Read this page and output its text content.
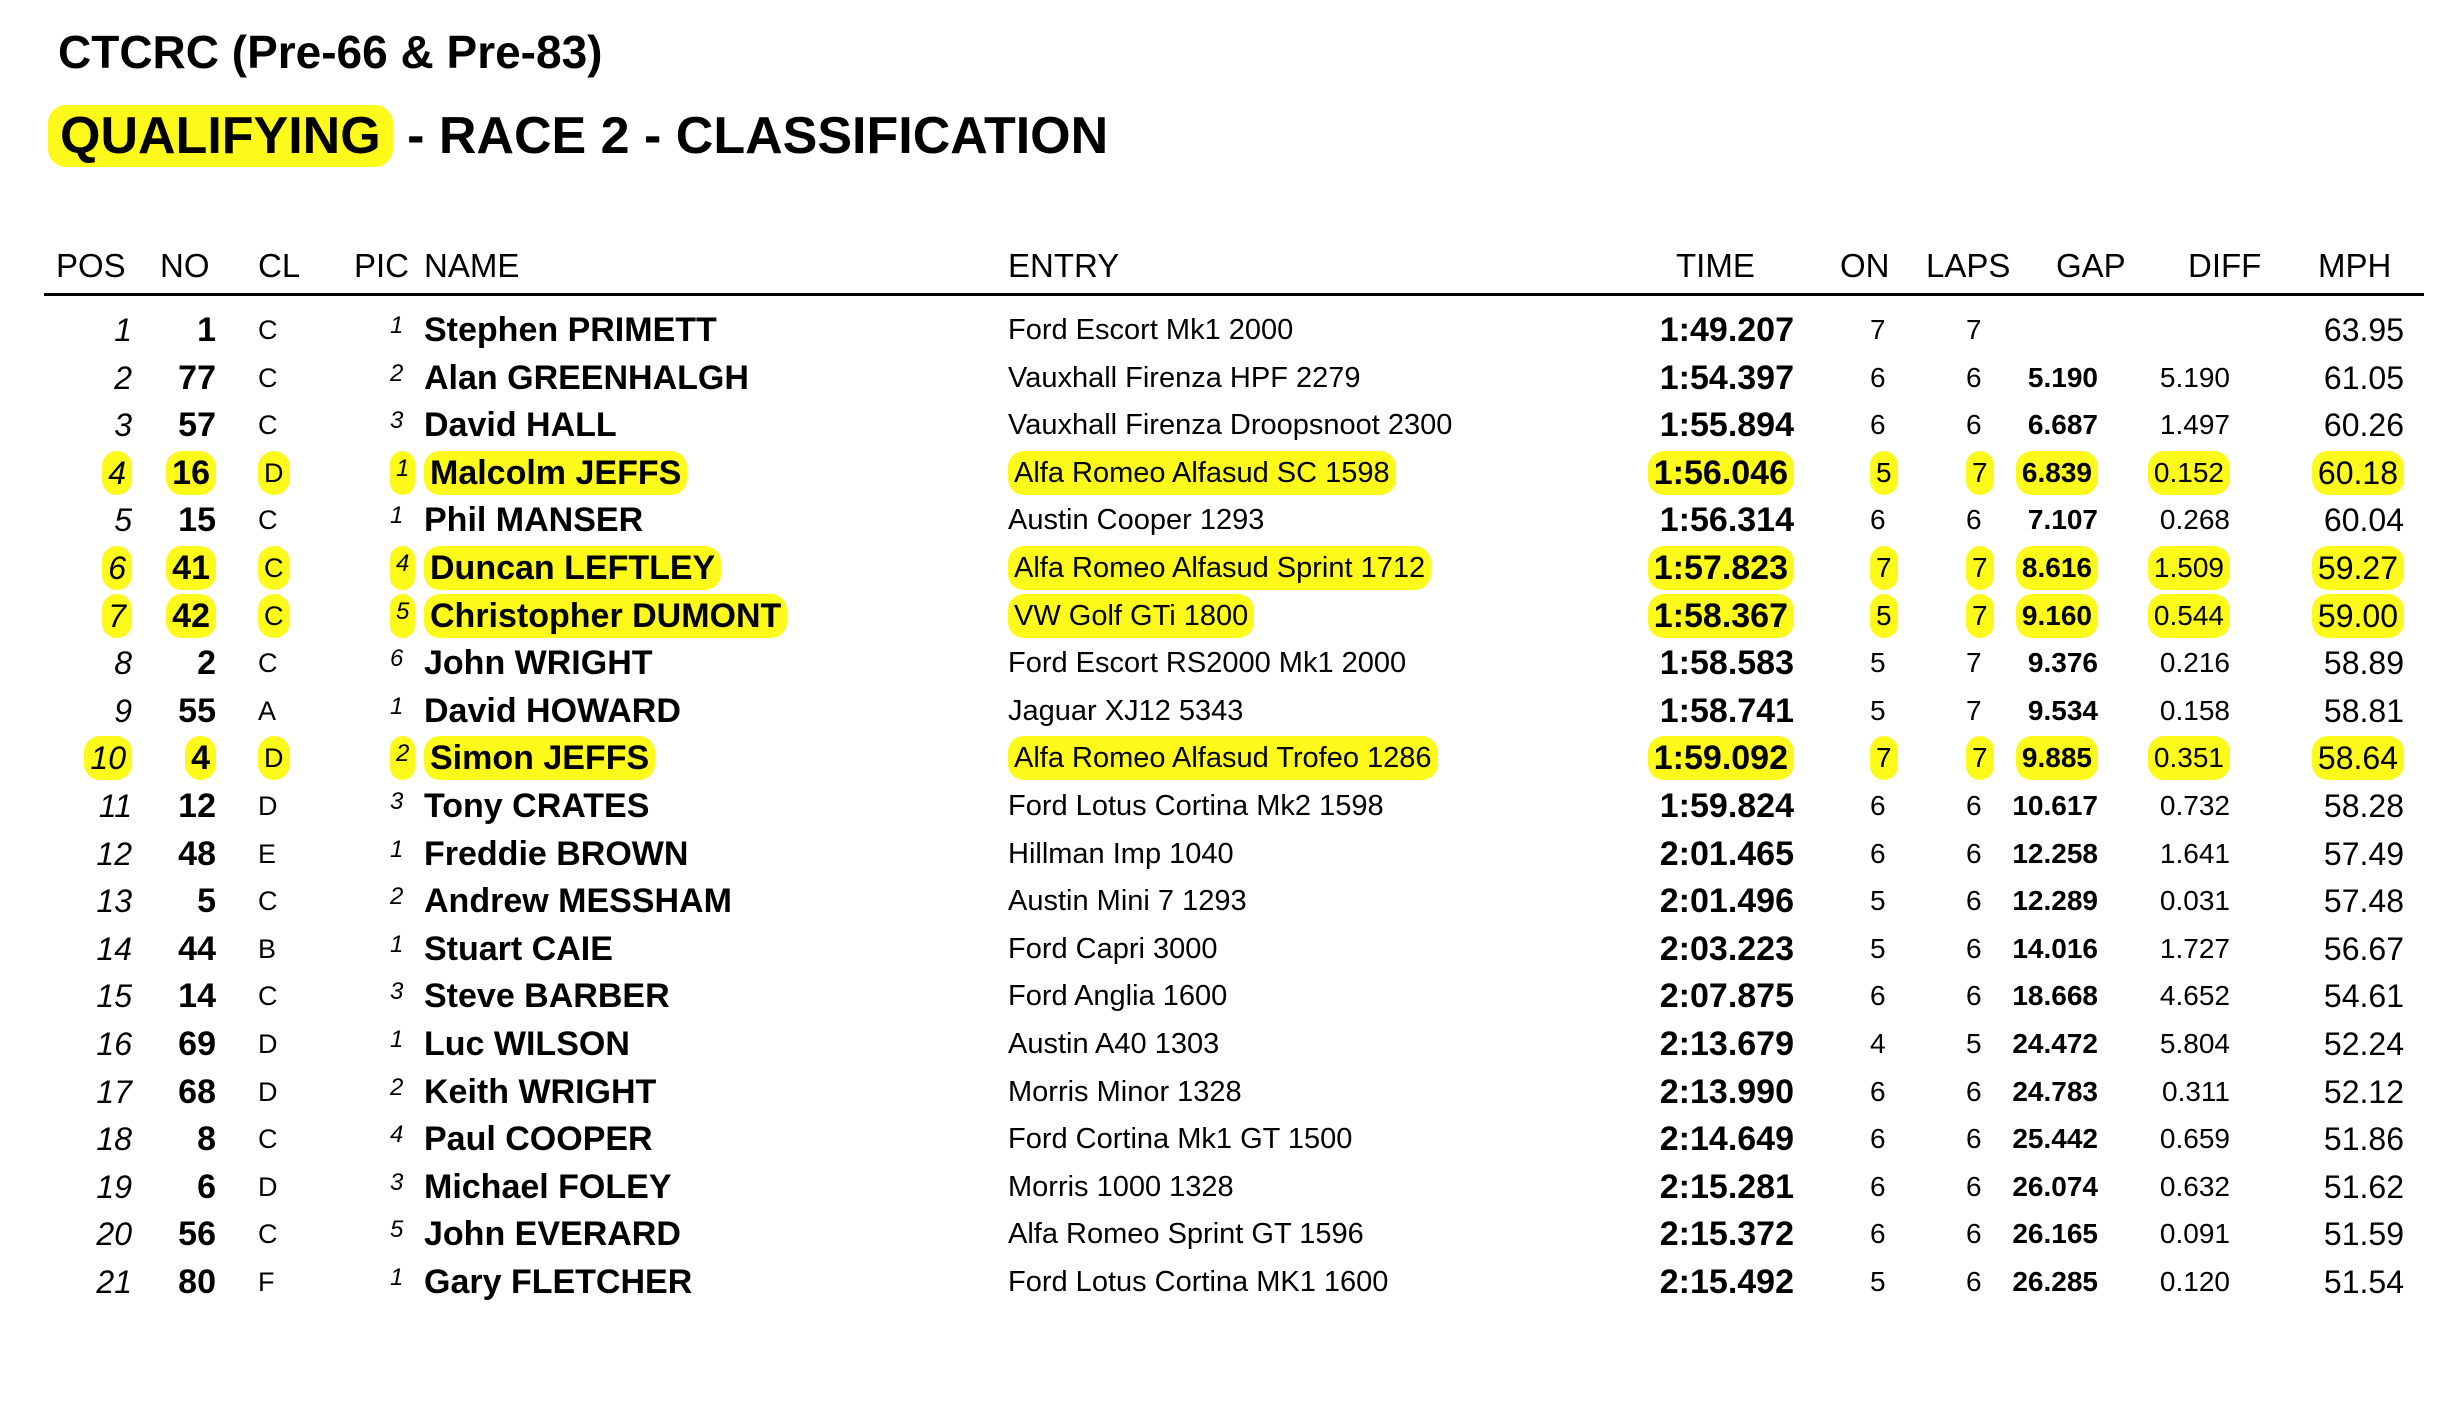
CTCRC (Pre-66 & Pre-83)
QUALIFYING - RACE 2 - CLASSIFICATION
POS NO CL PIC NAME	ENTRY	TIME	ON LAPS GAP DIFF MPH
1 1 C	1 Stephen PRIMETT	Ford Escort Mk1 2000	1:49.207	7	7	63.95
2 77 C	2 Alan GREENHALGH	Vauxhall Firenza HPF 2279	1:54.397	6	6 5.190 5.190	61.05
3 57 C	3 David HALL	Vauxhall Firenza Droopsnoot 2300	1:55.894	6	6 6.687 1.497	60.26
4 16 D	1 Malcolm JEFFS	Alfa Romeo Alfasud SC 1598	1:56.046	5	7 6.839 0.152	60.18
5 15 C	1 Phil MANSER	Austin Cooper 1293	1:56.314	6	6 7.107 0.268	60.04
6 41 C	4 Duncan LEFTLEY	Alfa Romeo Alfasud Sprint 1712	1:57.823	7	7 8.616 1.509	59.27
7 42 C	5 Christopher DUMONT	VW Golf GTi 1800	1:58.367	5	7 9.160 0.544	59.00
8 2 C	6 John WRIGHT	Ford Escort RS2000 Mk1 2000	1:58.583	5	7 9.376 0.216	58.89
9 55 A	1 David HOWARD	Jaguar XJ12 5343	1:58.741	5	7 9.534 0.158	58.81
10 4 D	2 Simon JEFFS	Alfa Romeo Alfasud Trofeo 1286	1:59.092	7	7 9.885 0.351	58.64
11 12 D	3 Tony CRATES	Ford Lotus Cortina Mk2 1598	1:59.824	6	6 10.617 0.732	58.28
12 48 E	1 Freddie BROWN	Hillman Imp 1040	2:01.465	6	6 12.258 1.641	57.49
13 5 C	2 Andrew MESSHAM	Austin Mini 7 1293	2:01.496	5	6 12.289 0.031	57.48
14 44 B	1 Stuart CAIE	Ford Capri 3000	2:03.223	5	6 14.016 1.727	56.67
15 14 C	3 Steve BARBER	Ford Anglia 1600	2:07.875	6	6 18.668 4.652	54.61
16 69 D	1 Luc WILSON	Austin A40 1303	2:13.679	4	5 24.472 5.804	52.24
17 68 D	2 Keith WRIGHT	Morris Minor 1328	2:13.990	6	6 24.783 0.311	52.12
18 8 C	4 Paul COOPER	Ford Cortina Mk1 GT 1500	2:14.649	6	6 25.442 0.659	51.86
19 6 D	3 Michael FOLEY	Morris 1000 1328	2:15.281	6	6 26.074 0.632	51.62
20 56 C	5 John EVERARD	Alfa Romeo Sprint GT 1596	2:15.372	6	6 26.165 0.091	51.59
21 80 F	1 Gary FLETCHER	Ford Lotus Cortina MK1 1600	2:15.492	5	6 26.285 0.120	51.54
